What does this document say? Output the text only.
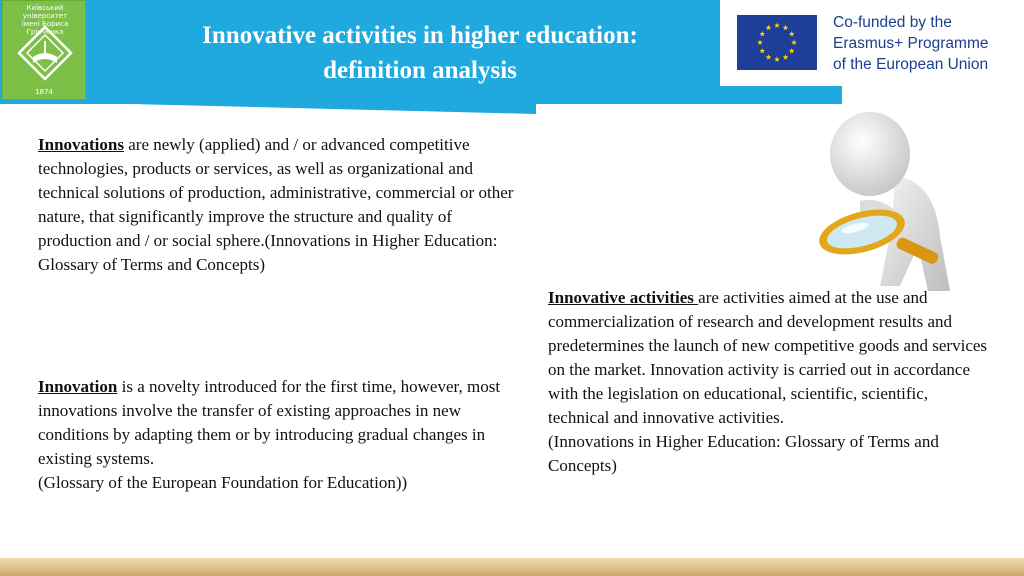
Київський університет
імені Бориса Грінченка
1874
Innovative activities in higher education:
definition analysis
Co-funded by the
Erasmus+ Programme
of the European Union
Innovations are newly (applied) and / or advanced competitive technologies, products or services, as well as organizational and technical solutions of production, administrative, commercial or other nature, that significantly improve the structure and quality of production and / or social sphere.(Innovations in Higher Education: Glossary of Terms and Concepts)
Innovation is a novelty introduced for the first time, however, most innovations involve the transfer of existing approaches in new conditions by adapting them or by introducing gradual changes in existing systems.
(Glossary of the European Foundation for Education))
Innovative activities are activities aimed at the use and commercialization of research and development results and predetermines the launch of new competitive goods and services on the market. Innovation activity is carried out in accordance with the legislation on educational, scientific, scientific, technical and innovative activities.
(Innovations in Higher Education: Glossary of Terms and Concepts)
